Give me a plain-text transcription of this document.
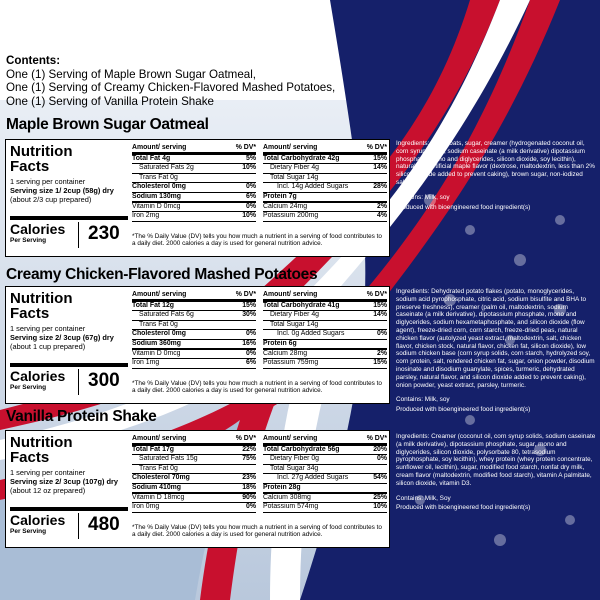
Contents:
One (1) Serving of Maple Brown Sugar Oatmeal,
One (1) Serving of Creamy Chicken-Flavored Mashed Potatoes,
One (1) Serving of Vanilla Protein Shake
Maple Brown Sugar Oatmeal
Nutrition
Facts
1 serving per container
Serving size 1/ 2cup (58g) dry
(about 2/3 cup prepared)
Calories
Per Serving	230
Amount/ serving	% DV*
Total Fat 4g	5%
Saturated Fats 2g	10%
Trans Fat 0g
Cholesterol 0mg	0%
Sodium 130mg	6%
Vitamin D 0mcg	0%
Iron 2mg	10%
Amount/ serving	% DV*
Total Carbohydrate 42g	15%
Dietary Fiber 4g	14%
Total Sugar 14g
Incl. 14g Added Sugars	28%
Protein 7g
Calcium 24mg	2%
Potassium 200mg	4%
*The % Daily Value (DV) tells you how much a nutrient in a serving of food contributes to a daily diet. 2000 calories a day is used for general nutrition advice.

Ingredients: Quick oats, sugar, creamer (hydrogenated coconut oil, corn syrup solids, sodium caseinate (a milk derivative) dipotassium phosphate, mono and diglycerides, silicon dioxide, soy lecithin), natural and artificial maple flavor (dextrose, maltodextrin, less than 2% silicon dioxide added to prevent caking), brown sugar, non-iodized salt.

Contains: Milk, soy

Produced with bioengineered food ingredient(s)

Creamy Chicken-Flavored Mashed Potatoes
Nutrition
Facts
1 serving per container
Serving size 2/ 3cup (67g) dry
(about 1 cup prepared)
Calories
Per Serving	300
Amount/ serving	% DV*
Total Fat 12g	15%
Saturated Fats 6g	30%
Trans Fat 0g
Cholesterol 0mg	0%
Sodium 360mg	16%
Vitamin D 0mcg	0%
Iron 1mg	6%
Amount/ serving	% DV*
Total Carbohydrate 41g	15%
Dietary Fiber 4g	14%
Total Sugar 14g
Incl. 0g Added Sugars	0%
Protein 6g
Calcium 28mg	2%
Potassium 759mg	15%
*The % Daily Value (DV) tells you how much a nutrient in a serving of food contributes to a daily diet. 2000 calories a day is used for general nutrition advice.

Ingredients: Dehydrated potato flakes (potato, monoglycerides, sodium acid pyrophosphate, citric acid, sodium bisulfite and BHA to preserve freshness), creamer (palm oil, maltodextrin, sodium caseinate (a milk derivative), dipotassium phosphate, mono and diglycerides, sodium hexametaphosphate, and silicon dioxide (flow agent), freeze-dried corn, corn starch, freeze-dried peas, natural chicken flavor (autolyzed yeast extract, maltodextrin, salt, chicken flavor, chicken stock, natural flavor, chicken fat, silicon dioxide), low sodium chicken base (corn syrup solids, corn starch, hydrolyzed soy, corn protein, salt, rendered chicken fat, sugar, onion powder, disodium inosinate and disodium guanylate, spices, turmeric, dehydrated parsley, natural flavor, and silicon dioxide added to prevent caking), onion powder, yeast extract, parsley, turmeric.

Contains: Milk, soy

Produced with bioengineered food ingredient(s)

Vanilla Protein Shake
Nutrition
Facts
1 serving per container
Serving size 2/ 3cup (107g) dry
(about 12 oz prepared)
Calories
Per Serving	480
Amount/ serving	% DV*
Total Fat 17g	22%
Saturated Fats 15g	75%
Trans Fat 0g
Cholesterol 70mg	23%
Sodium 410mg	18%
Vitamin D 18mcg	90%
Iron 0mg	0%
Amount/ serving	% DV*
Total Carbohydrate 56g	20%
Dietary Fiber 0g	0%
Total Sugar 34g
Incl. 27g Added Sugars	54%
Protein 28g
Calcium 308mg	25%
Potassium 574mg	10%
*The % Daily Value (DV) tells you how much a nutrient in a serving of food contributes to a daily diet. 2000 calories a day is used for general nutrition advice.

Ingredients: Creamer (coconut oil, corn syrup solids, sodium caseinate (a milk derivative), dipotassium phosphate, sugar, mono and diglycerides, silicon dioxide, polysorbate 80, tetrasodium pyrophosphate, soy lecithin), whey protein (whey protein concentrate, sunflower oil, lecithin), sugar, modified food starch, nonfat dry milk, cream flavor (maltodextrin, modified food starch), vitamin A palmitate, silicon dioxide, vitamin D3.

Contains: Milk, Soy

Produced with bioengineered food ingredient(s)
